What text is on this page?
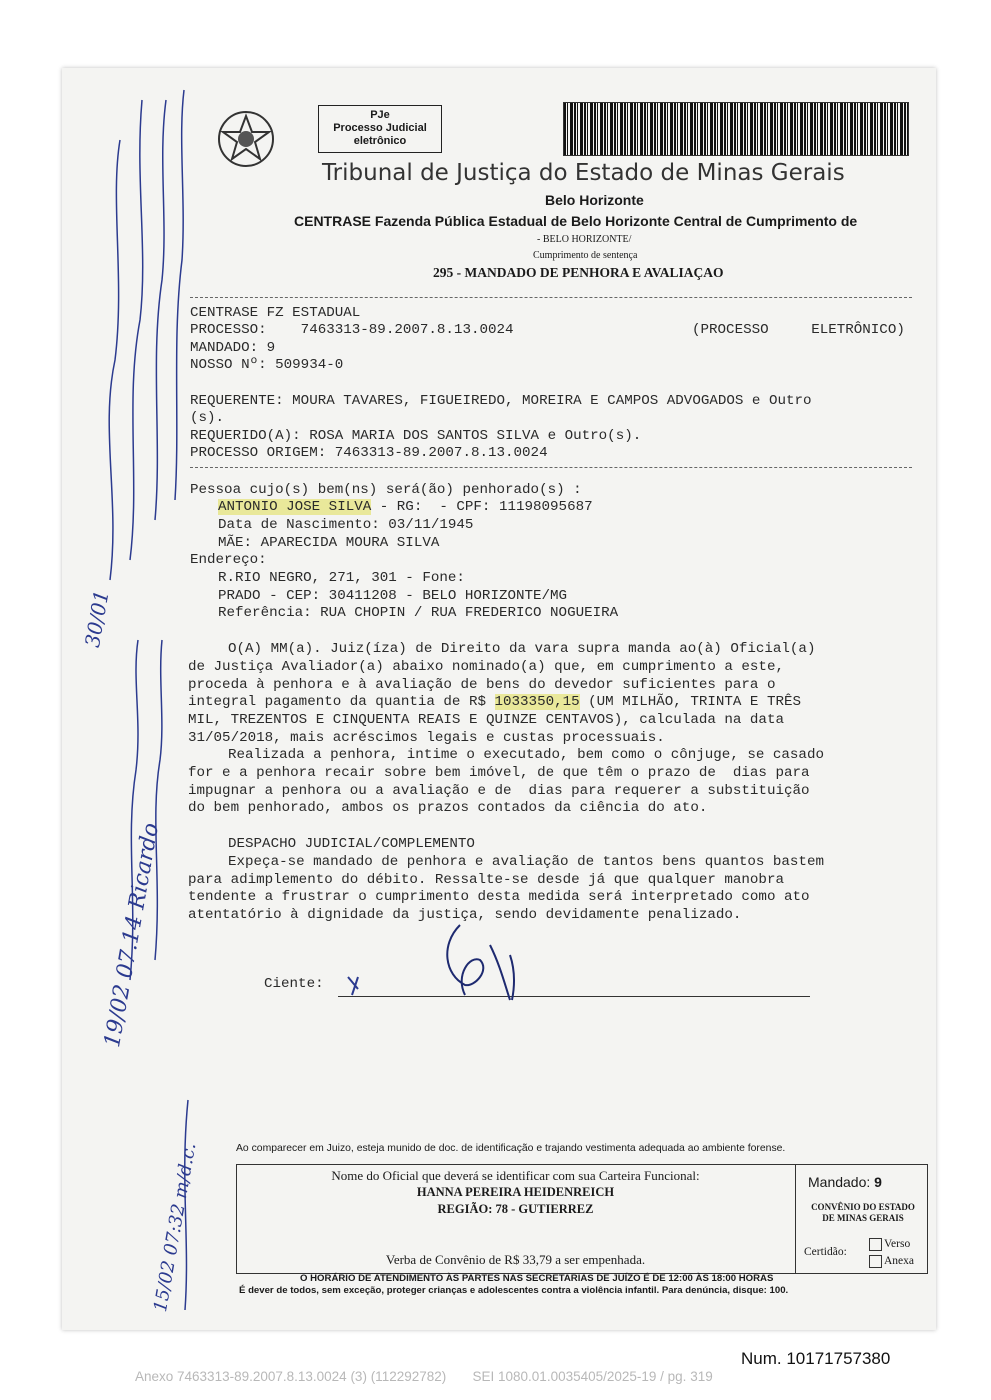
PJe
Processo Judicial
eletrônico
Tribunal de Justiça do Estado de Minas Gerais
Belo Horizonte
CENTRASE Fazenda Pública Estadual de Belo Horizonte Central de Cumprimento de
- BELO HORIZONTE/
Cumprimento de sentença
295 - MANDADO DE PENHORA E AVALIAÇAO
CENTRASE FZ ESTADUAL
PROCESSO:    7463313-89.2007.8.13.0024	(PROCESSO     ELETRÔNICO)
MANDADO: 9
NOSSO Nº: 509934-0
REQUERENTE: MOURA TAVARES, FIGUEIREDO, MOREIRA E CAMPOS ADVOGADOS e Outro
(s).
REQUERIDO(A): ROSA MARIA DOS SANTOS SILVA e Outro(s).
PROCESSO ORIGEM: 7463313-89.2007.8.13.0024
Pessoa cujo(s) bem(ns) será(ão) penhorado(s) :
ANTONIO JOSE SILVA - RG:  - CPF: 11198095687
Data de Nascimento: 03/11/1945
MÃE: APARECIDA MOURA SILVA
Endereço:
R.RIO NEGRO, 271, 301 - Fone:
PRADO - CEP: 30411208 - BELO HORIZONTE/MG
Referência: RUA CHOPIN / RUA FREDERICO NOGUEIRA
O(A) MM(a). Juiz(íza) de Direito da vara supra manda ao(à) Oficial(a)
de Justiça Avaliador(a) abaixo nominado(a) que, em cumprimento a este,
proceda à penhora e à avaliação de bens do devedor suficientes para o
integral pagamento da quantia de R$ 1033350,15 (UM MILHÃO, TRINTA E TRÊS
MIL, TREZENTOS E CINQUENTA REAIS E QUINZE CENTAVOS), calculada na data
31/05/2018, mais acréscimos legais e custas processuais.
Realizada a penhora, intime o executado, bem como o cônjuge, se casado
for e a penhora recair sobre bem imóvel, de que têm o prazo de  dias para
impugnar a penhora ou a avaliação e de  dias para requerer a substituição
do bem penhorado, ambos os prazos contados da ciência do ato.
DESPACHO JUDICIAL/COMPLEMENTO
Expeça-se mandado de penhora e avaliação de tantos bens quantos bastem
para adimplemento do débito. Ressalte-se desde já que qualquer manobra
tendente a frustrar o cumprimento desta medida será interpretado como ato
atentatório à dignidade da justiça, sendo devidamente penalizado.
Ciente:
19/02 07.14 Ricardo
15/02 07:32 m/d.c.
30/01
Ao comparecer em Juizo, esteja munido de doc. de identificação e trajando vestimenta adequada ao ambiente forense.
Nome do Oficial que deverá se identificar com sua Carteira Funcional:
HANNA PEREIRA HEIDENREICH
REGIÃO: 78 - GUTIERREZ
Verba de Convênio de R$ 33,79 a ser empenhada.
Mandado: 9
CONVÊNIO DO ESTADO
DE MINAS GERAIS
Certidão:
Verso
Anexa
O HORÁRIO DE ATENDIMENTO ÀS PARTES NAS SECRETARIAS DE JUÍZO É DE 12:00 ÀS 18:00 HORAS
É dever de todos, sem exceção, proteger crianças e adolescentes contra a violência infantil. Para denúncia, disque: 100.
Num. 10171757380
Anexo 7463313-89.2007.8.13.0024 (3) (112292782)       SEI 1080.01.0035405/2025-19 / pg. 319
